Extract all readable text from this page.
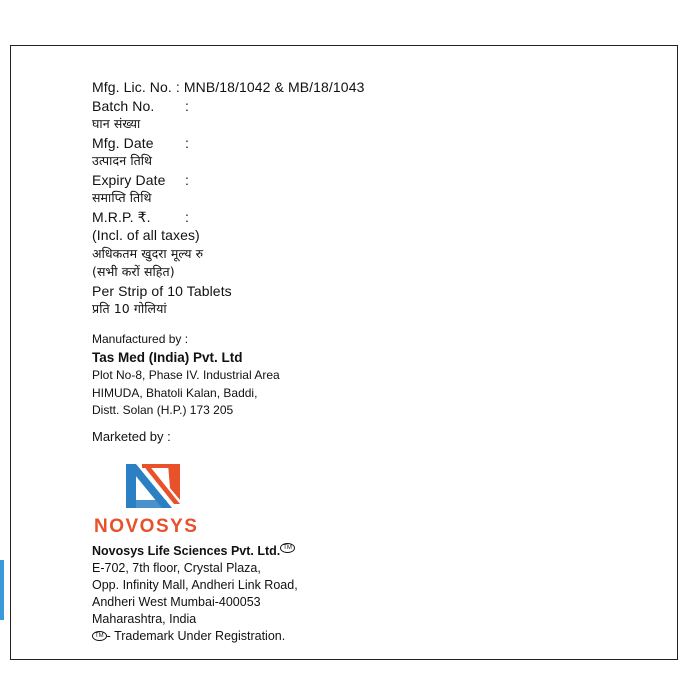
Mfg. Lic. No. : MNB/18/1042 & MB/18/1043
Batch No. :
घान संख्या
Mfg. Date :
उत्पादन तिथि
Expiry Date :
समाप्ति तिथि
M.R.P. ₹. :
(Incl. of all taxes)
अधिकतम खुदरा मूल्य रु
(सभी करों सहित)
Per Strip of 10 Tablets
प्रति 10 गोलियां
Manufactured by :
Tas Med (India) Pvt. Ltd
Plot No-8, Phase IV. Industrial Area
HIMUDA, Bhatoli Kalan, Baddi,
Distt. Solan (H.P.) 173 205
Marketed by :
NOVOSYS
Novosys Life Sciences Pvt. Ltd. TM
E-702, 7th floor, Crystal Plaza,
Opp. Infinity Mall, Andheri Link Road,
Andheri West Mumbai-400053
Maharashtra, India
TM - Trademark Under Registration.
